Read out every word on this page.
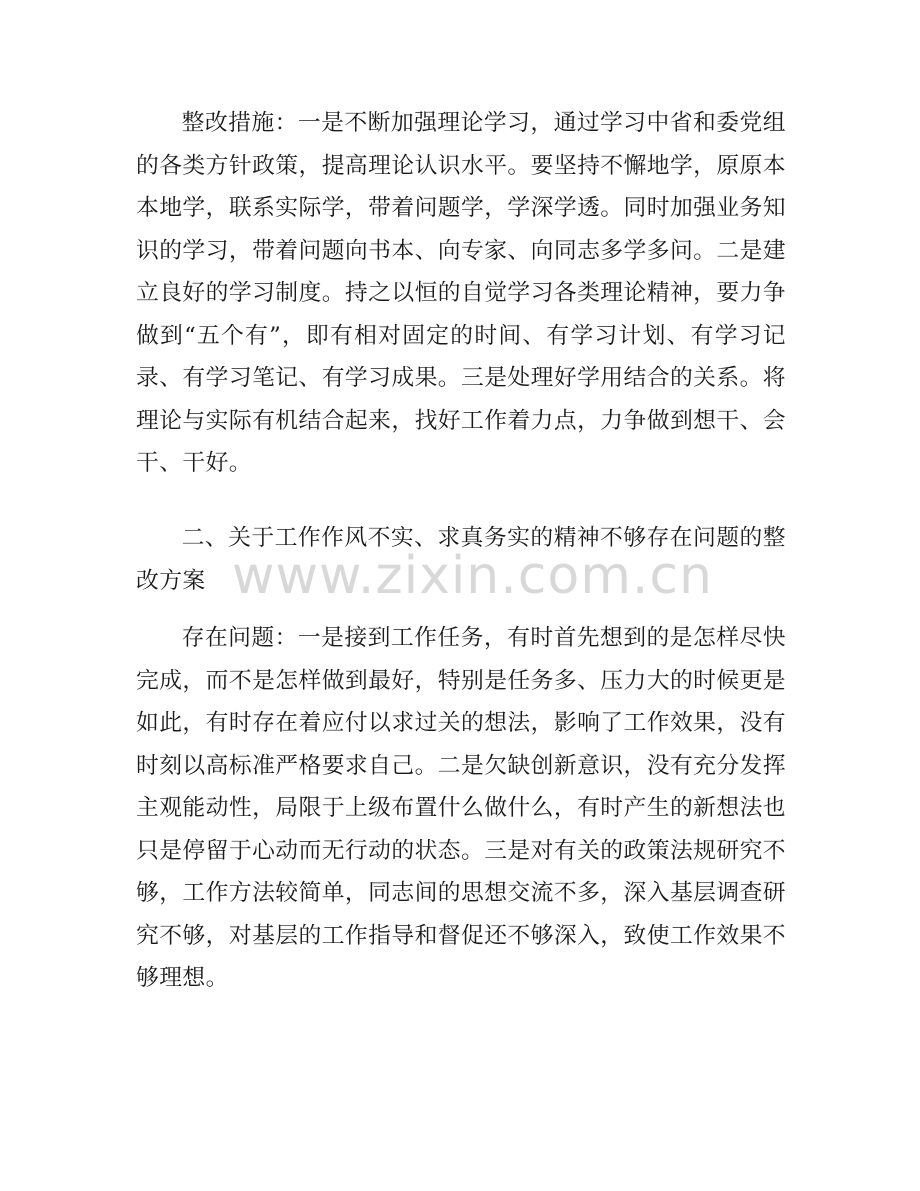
www.zixin.com.cn

整改措施：一是不断加强理论学习，通过学习中省和委党组的各类方针政策，提高理论认识水平。要坚持不懈地学，原原本本地学，联系实际学，带着问题学，学深学透。同时加强业务知识的学习，带着问题向书本、向专家、向同志多学多问。二是建立良好的学习制度。持之以恒的自觉学习各类理论精神，要力争做到“五个有”，即有相对固定的时间、有学习计划、有学习记录、有学习笔记、有学习成果。三是处理好学用结合的关系。将理论与实际有机结合起来，找好工作着力点，力争做到想干、会干、干好。

二、关于工作作风不实、求真务实的精神不够存在问题的整改方案

存在问题：一是接到工作任务，有时首先想到的是怎样尽快完成，而不是怎样做到最好，特别是任务多、压力大的时候更是如此，有时存在着应付以求过关的想法，影响了工作效果，没有时刻以高标准严格要求自己。二是欠缺创新意识，没有充分发挥主观能动性，局限于上级布置什么做什么，有时产生的新想法也只是停留于心动而无行动的状态。三是对有关的政策法规研究不够，工作方法较简单，同志间的思想交流不多，深入基层调查研究不够，对基层的工作指导和督促还不够深入，致使工作效果不够理想。
